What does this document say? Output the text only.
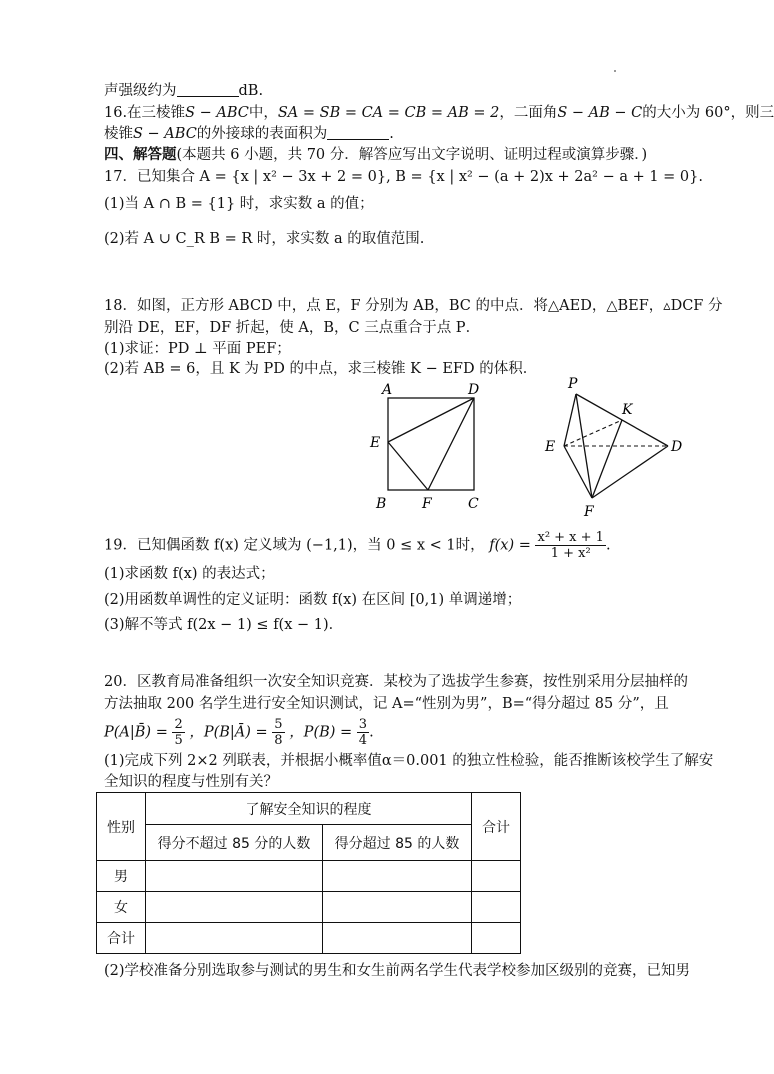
声强级约为	dB.
16.在三棱锥S − ABC中，SA = SB = CA = CB = AB = 2，二面角S − AB − C的大小为 60°，则三
棱锥S − ABC的外接球的表面积为	.
四、解答题(本题共 6 小题，共 70 分．解答应写出文字说明、证明过程或演算步骤．)
17．已知集合 A = {x | x² − 3x + 2 = 0}, B = {x | x² − (a + 2)x + 2a² − a + 1 = 0}.
(1)当 A ∩ B = {1} 时，求实数 a 的值；
(2)若 A ∪ C_R B = R 时，求实数 a 的取值范围.
18．如图，正方形 ABCD 中，点 E，F 分别为 AB，BC 的中点．将△AED，△BEF，▵DCF 分
别沿 DE，EF，DF 折起，使 A，B，C 三点重合于点 P．
(1)求证：PD ⊥ 平面 PEF；
(2)若 AB = 6，且 K 为 PD 的中点，求三棱锥 K − EFD 的体积．
A	D
E
B	F	C
P
K
E	D
F
19．已知偶函数 f(x) 定义域为 (−1,1)，当 0 ≤ x < 1时， $f(x) = \frac{\text{x² + x + 1}}{\text{1 + x²}}$ .
(1)求函数 f(x) 的表达式；
(2)用函数单调性的定义证明：函数 f(x) 在区间 [0,1) 单调递增；
(3)解不等式 f(2x − 1) ≤ f(x − 1)．
20．区教育局准备组织一次安全知识竞赛．某校为了选拔学生参赛，按性别采用分层抽样的
方法抽取 200 名学生进行安全知识测试，记 A=“性别为男”，B=“得分超过 85 分”，且
P(A|B̄) = $\frac{2}{5}$ ，P(B|Ā) = $\frac{5}{8}$ ，$P(B) = \frac{3}{4}$ .
(1)完成下列 2×2 列联表，并根据小概率值α＝0.001 的独立性检验，能否推断该校学生了解安
全知识的程度与性别有关？
性别	了解安全知识的程度		合计
	得分不超过 85 分的人数	得分超过 85 的人数	
男			
女			
合计			
(2)学校准备分别选取参与测试的男生和女生前两名学生代表学校参加区级别的竞赛，已知男
